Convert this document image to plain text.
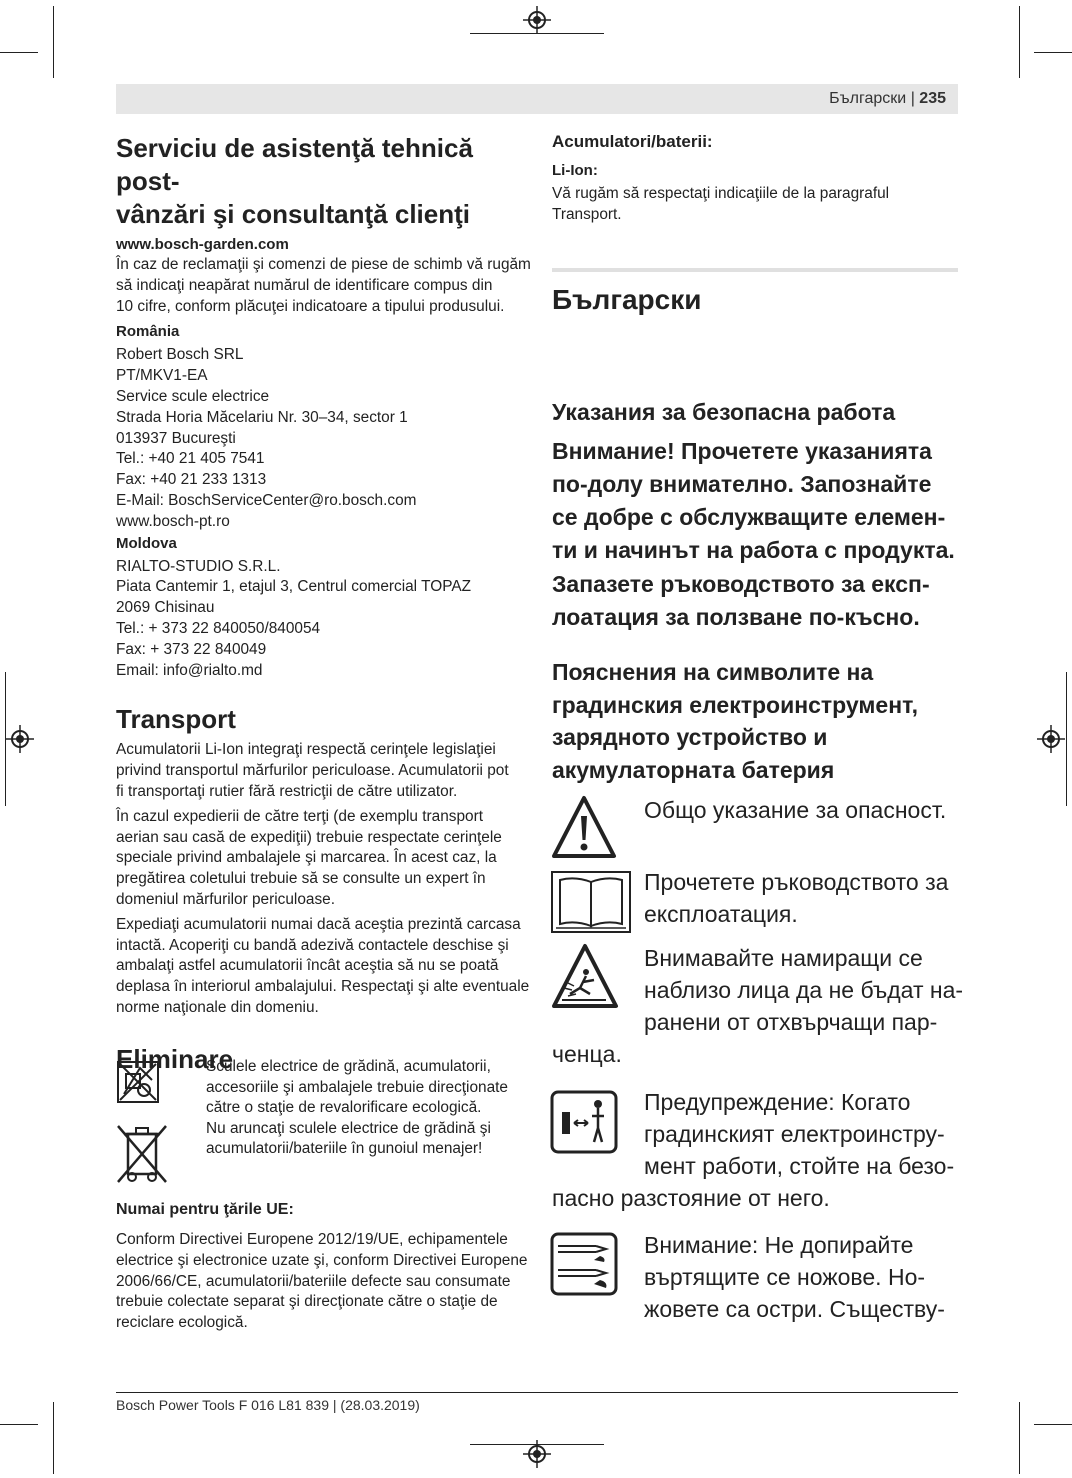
Български | 235
Serviciu de asistenţă tehnică post-
vânzări şi consultanţă clienţi
www.bosch-garden.com
În caz de reclamaţii şi comenzi de piese de schimb vă rugăm
să indicaţi neapărat numărul de identificare compus din
10 cifre, conform plăcuţei indicatoare a tipului produsului.
România
Robert Bosch SRL
PT/MKV1-EA
Service scule electrice
Strada Horia Măcelariu Nr. 30–34, sector 1
013937 Bucureşti
Tel.: +40 21 405 7541
Fax: +40 21 233 1313
E-Mail: BoschServiceCenter@ro.bosch.com
www.bosch-pt.ro
Moldova
RIALTO-STUDIO S.R.L.
Piata Cantemir 1, etajul 3, Centrul comercial TOPAZ
2069 Chisinau
Tel.: + 373 22 840050/840054
Fax: + 373 22 840049
Email: info@rialto.md
Transport
Acumulatorii Li-Ion integraţi respectă cerinţele legislaţiei
privind transportul mărfurilor periculoase. Acumulatorii pot
fi transportaţi rutier fără restricţii de către utilizator.
În cazul expedierii de către terţi (de exemplu transport
aerian sau casă de expediţii) trebuie respectate cerinţele
speciale privind ambalajele şi marcarea. În acest caz, la
pregătirea coletului trebuie să se consulte un expert în
domeniul mărfurilor periculoase.
Expediaţi acumulatorii numai dacă aceştia prezintă carcasa
intactă. Acoperiţi cu bandă adezivă contactele deschise şi
ambalaţi astfel acumulatorii încât aceştia să nu se poată
deplasa în interiorul ambalajului. Respectaţi şi alte eventuale
norme naţionale din domeniu.
Eliminare
Sculele electrice de grădină, acumulatorii,
accesoriile şi ambalajele trebuie direcţionate
către o staţie de revalorificare ecologică.
Nu aruncaţi sculele electrice de grădină şi
acumulatorii/bateriile în gunoiul menajer!
Numai pentru ţările UE:
Conform Directivei Europene 2012/19/UE, echipamentele
electrice şi electronice uzate şi, conform Directivei Europene
2006/66/CE, acumulatorii/bateriile defecte sau consumate
trebuie colectate separat şi direcţionate către o staţie de
reciclare ecologică.
Acumulatori/baterii:
Li-Ion:
Vă rugăm să respectaţi indicaţiile de la paragraful Transport.
Български
Указания за безопасна работа
Внимание! Прочетете указанията
по-долу внимателно. Запознайте
се добре с обслужващите елемен-
ти и начинът на работа с продукта.
Запазете ръководството за експ-
лоатация за ползване по-късно.
Пояснения на символите на
градинския електроинструмент,
зарядното устройство и
акумулаторната батерия
Общо указание за опасност.
Прочетете ръководството за
експлоатация.
Внимавайте намиращи се
наблизо лица да не бъдат на-
ранени от отхвърчащи пар-
ченца.
Предупреждение: Когато
градинският електроинстру-
мент работи, стойте на безо-
пасно разстояние от него.
Внимание: Не допирайте
въртящите се ножове. Но-
жовете са остри. Съществу-
Bosch Power Tools F 016 L81 839 | (28.03.2019)
